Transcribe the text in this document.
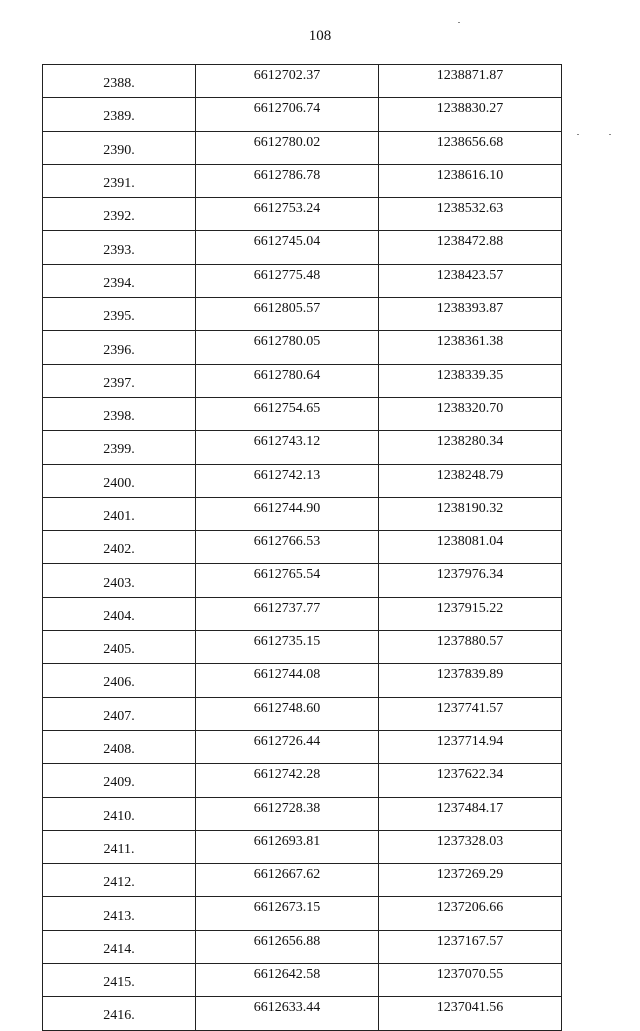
108
2388.	6612702.37	1238871.87
2389.	6612706.74	1238830.27
2390.	6612780.02	1238656.68
2391.	6612786.78	1238616.10
2392.	6612753.24	1238532.63
2393.	6612745.04	1238472.88
2394.	6612775.48	1238423.57
2395.	6612805.57	1238393.87
2396.	6612780.05	1238361.38
2397.	6612780.64	1238339.35
2398.	6612754.65	1238320.70
2399.	6612743.12	1238280.34
2400.	6612742.13	1238248.79
2401.	6612744.90	1238190.32
2402.	6612766.53	1238081.04
2403.	6612765.54	1237976.34
2404.	6612737.77	1237915.22
2405.	6612735.15	1237880.57
2406.	6612744.08	1237839.89
2407.	6612748.60	1237741.57
2408.	6612726.44	1237714.94
2409.	6612742.28	1237622.34
2410.	6612728.38	1237484.17
2411.	6612693.81	1237328.03
2412.	6612667.62	1237269.29
2413.	6612673.15	1237206.66
2414.	6612656.88	1237167.57
2415.	6612642.58	1237070.55
2416.	6612633.44	1237041.56
